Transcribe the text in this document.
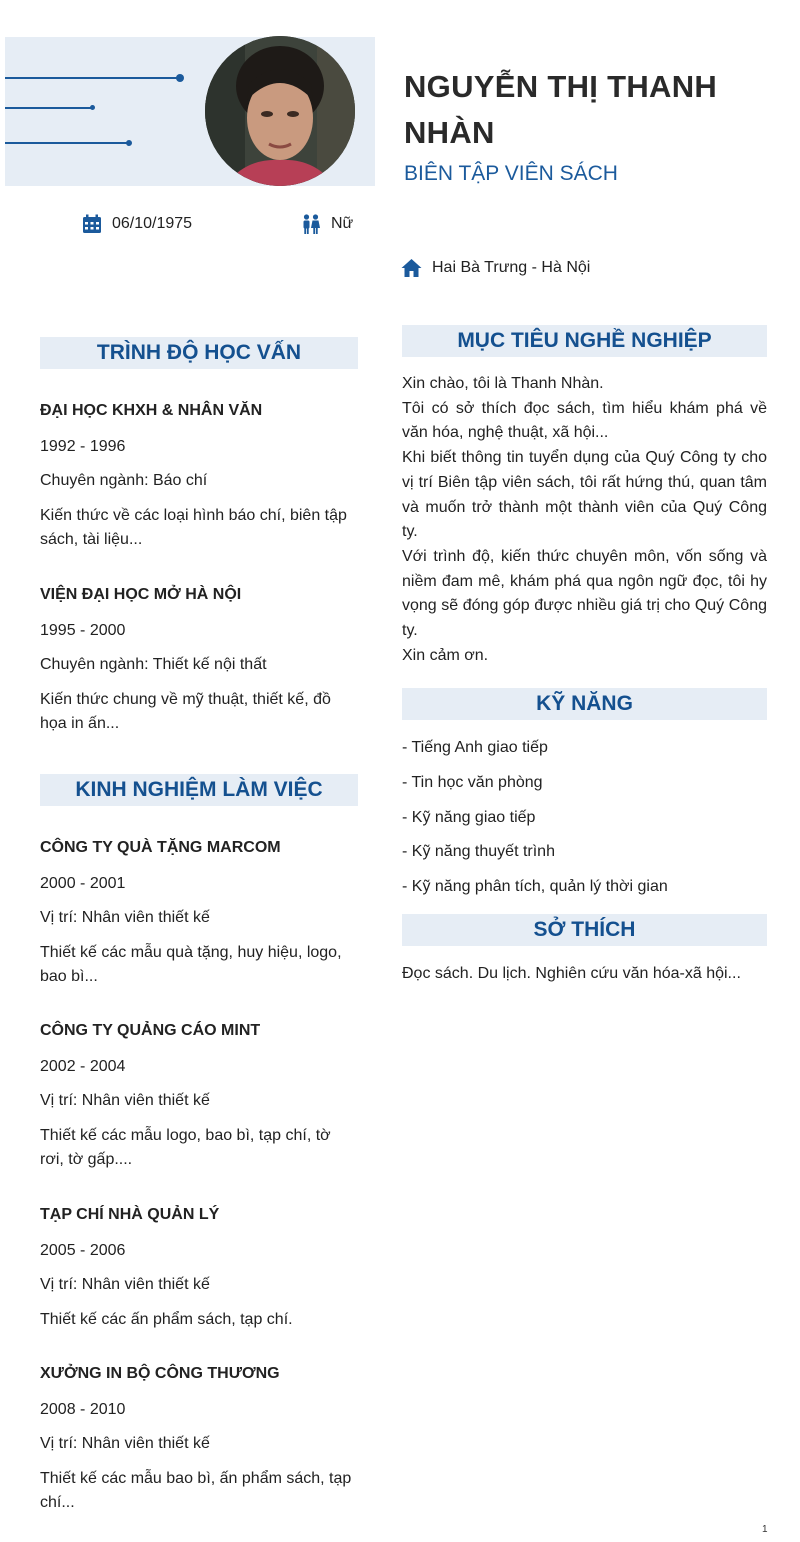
NGUYỄN THỊ THANH NHÀN
BIÊN TẬP VIÊN SÁCH
06/10/1975	Nữ
Hai Bà Trưng - Hà Nội
TRÌNH ĐỘ HỌC VẤN
ĐẠI HỌC KHXH & NHÂN VĂN
1992 - 1996
Chuyên ngành: Báo chí
Kiến thức về các loại hình báo chí, biên tập sách, tài liệu...
VIỆN ĐẠI HỌC MỞ HÀ NỘI
1995 - 2000
Chuyên ngành: Thiết kế nội thất
Kiến thức chung về mỹ thuật, thiết kế, đồ họa in ấn...
KINH NGHIỆM LÀM VIỆC
CÔNG TY QUÀ TẶNG MARCOM
2000 - 2001
Vị trí: Nhân viên thiết kế
Thiết kế các mẫu quà tặng, huy hiệu, logo, bao bì...
CÔNG TY QUẢNG CÁO MINT
2002 - 2004
Vị trí: Nhân viên thiết kế
Thiết kế các mẫu logo, bao bì, tạp chí, tờ rơi, tờ gấp....
TẠP CHÍ NHÀ QUẢN LÝ
2005 - 2006
Vị trí: Nhân viên thiết kế
Thiết kế các ấn phẩm sách, tạp chí.
XƯỞNG IN BỘ CÔNG THƯƠNG
2008 - 2010
Vị trí: Nhân viên thiết kế
Thiết kế các mẫu bao bì, ấn phẩm sách, tạp chí...
MỤC TIÊU NGHỀ NGHIỆP
Xin chào, tôi là Thanh Nhàn.
Tôi có sở thích đọc sách, tìm hiểu khám phá về văn hóa, nghệ thuật, xã hội...
Khi biết thông tin tuyển dụng của Quý Công ty cho vị trí Biên tập viên sách, tôi rất hứng thú, quan tâm và muốn trở thành một thành viên của Quý Công ty.
Với trình độ, kiến thức chuyên môn, vốn sống và niềm đam mê, khám phá qua ngôn ngữ đọc, tôi hy vọng sẽ đóng góp được nhiều giá trị cho Quý Công ty.
Xin cảm ơn.
KỸ NĂNG
- Tiếng Anh giao tiếp
- Tin học văn phòng
- Kỹ năng giao tiếp
- Kỹ năng thuyết trình
- Kỹ năng phân tích, quản lý thời gian
SỞ THÍCH
Đọc sách. Du lịch. Nghiên cứu văn hóa-xã hội...
1
